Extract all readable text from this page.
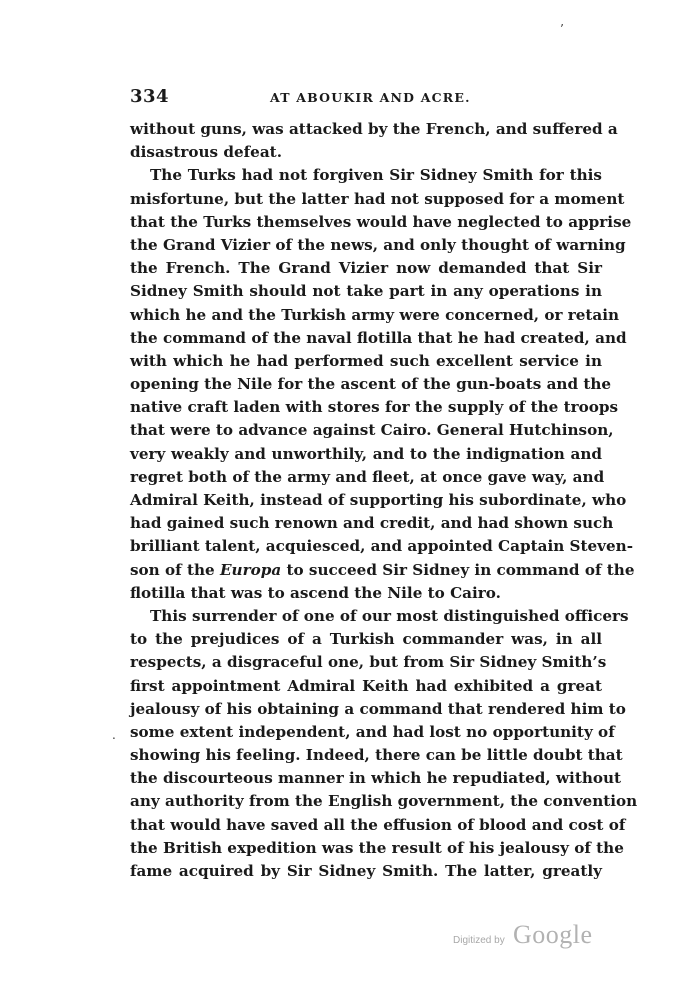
’
334	AT ABOUKIR AND ACRE.
without guns, was attacked by the French, and suffered a
disastrous defeat.
The Turks had not forgiven Sir Sidney Smith for this
misfortune, but the latter had not supposed for a moment
that the Turks themselves would have neglected to apprise
the Grand Vizier of the news, and only thought of warning
the French. The Grand Vizier now demanded that Sir
Sidney Smith should not take part in any operations in
which he and the Turkish army were concerned, or retain
the command of the naval flotilla that he had created, and
with which he had performed such excellent service in
opening the Nile for the ascent of the gun-boats and the
native craft laden with stores for the supply of the troops
that were to advance against Cairo. General Hutchinson,
very weakly and unworthily, and to the indignation and
regret both of the army and fleet, at once gave way, and
Admiral Keith, instead of supporting his subordinate, who
had gained such renown and credit, and had shown such
brilliant talent, acquiesced, and appointed Captain Steven-
son of the Europa to succeed Sir Sidney in command of the
flotilla that was to ascend the Nile to Cairo.
This surrender of one of our most distinguished officers
to the prejudices of a Turkish commander was, in all
respects, a disgraceful one, but from Sir Sidney Smith’s
first appointment Admiral Keith had exhibited a great
jealousy of his obtaining a command that rendered him to
some extent independent, and had lost no opportunity of
showing his feeling. Indeed, there can be little doubt that
the discourteous manner in which he repudiated, without
any authority from the English government, the convention
that would have saved all the effusion of blood and cost of
the British expedition was the result of his jealousy of the
fame acquired by Sir Sidney Smith. The latter, greatly
.
Digitized by Google
